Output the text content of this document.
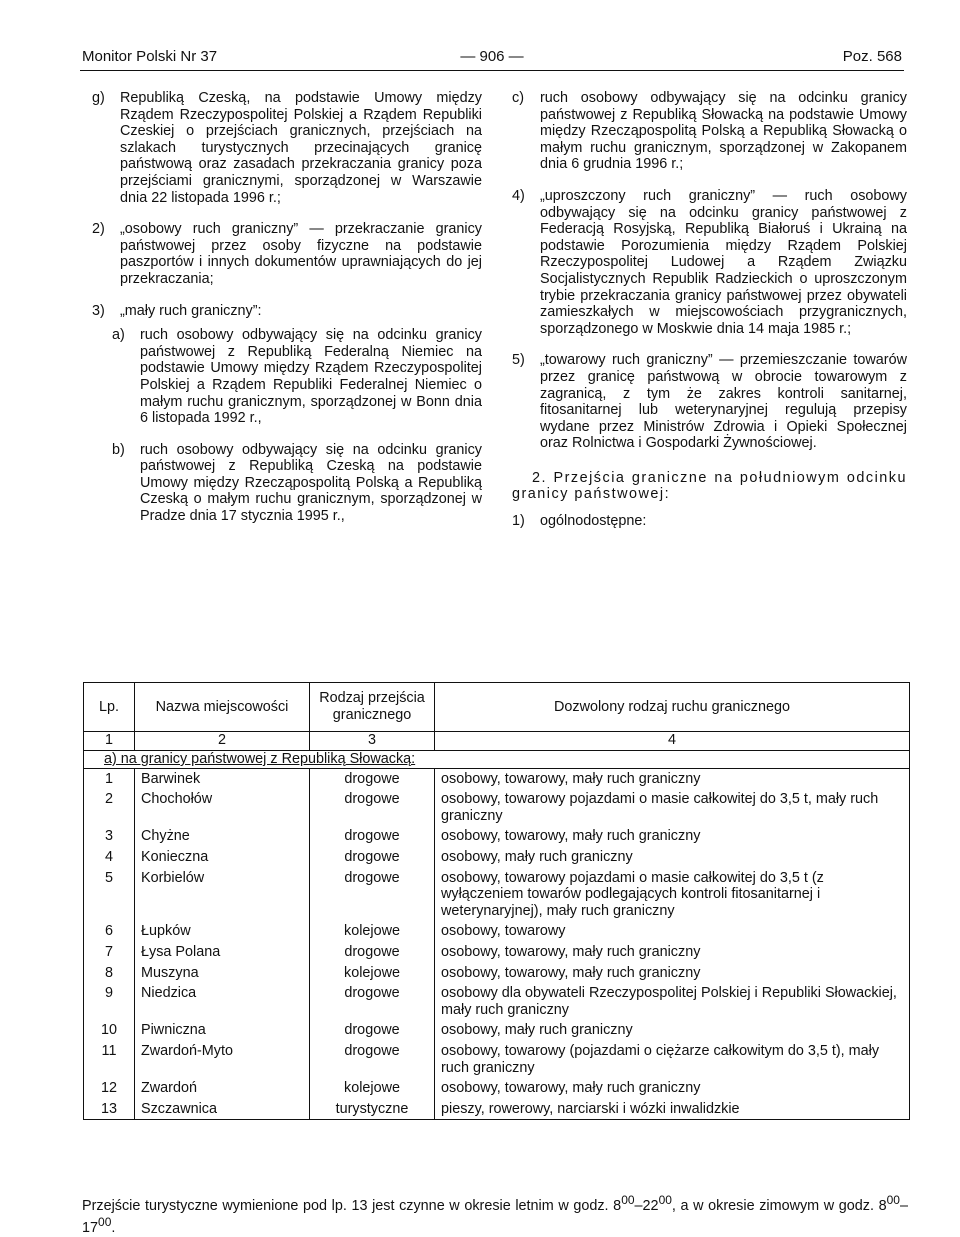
Monitor Polski Nr 37	— 906 —	Poz. 568
g) Republiką Czeską, na podstawie Umowy między Rządem Rzeczypospolitej Polskiej a Rządem Republiki Czeskiej o przejściach granicznych, przejściach na szlakach turystycznych przecinających granicę państwową oraz zasadach przekraczania granicy poza przejściami granicznymi, sporządzonej w Warszawie dnia 22 listopada 1996 r.;
2) „osobowy ruch graniczny” — przekraczanie granicy państwowej przez osoby fizyczne na podstawie paszportów i innych dokumentów uprawniających do jej przekraczania;
3) „mały ruch graniczny”:
a) ruch osobowy odbywający się na odcinku granicy państwowej z Republiką Federalną Niemiec na podstawie Umowy między Rządem Rzeczypospolitej Polskiej a Rządem Republiki Federalnej Niemiec o małym ruchu granicznym, sporządzonej w Bonn dnia 6 listopada 1992 r.,
b) ruch osobowy odbywający się na odcinku granicy państwowej z Republiką Czeską na podstawie Umowy między Rzecząpospolitą Polską a Republiką Czeską o małym ruchu granicznym, sporządzonej w Pradze dnia 17 stycznia 1995 r.,
c) ruch osobowy odbywający się na odcinku granicy państwowej z Republiką Słowacką na podstawie Umowy między Rzecząpospolitą Polską a Republiką Słowacką o małym ruchu granicznym, sporządzonej w Zakopanem dnia 6 grudnia 1996 r.;
4) „uproszczony ruch graniczny” — ruch osobowy odbywający się na odcinku granicy państwowej z Federacją Rosyjską, Republiką Białoruś i Ukrainą na podstawie Porozumienia między Rządem Polskiej Rzeczypospolitej Ludowej a Rządem Związku Socjalistycznych Republik Radzieckich o uproszczonym trybie przekraczania granicy państwowej przez obywateli zamieszkałych w miejscowościach przygranicznych, sporządzonego w Moskwie dnia 14 maja 1985 r.;
5) „towarowy ruch graniczny” — przemieszczanie towarów przez granicę państwową w obrocie towarowym z zagranicą, z tym że zakres kontroli sanitarnej, fitosanitarnej lub weterynaryjnej regulują przepisy wydane przez Ministrów Zdrowia i Opieki Społecznej oraz Rolnictwa i Gospodarki Żywnościowej.
2. Przejścia graniczne na południowym odcinku granicy państwowej:
1) ogólnodostępne:
Lp.	Nazwa miejscowości	Rodzaj przejścia granicznego	Dozwolony rodzaj ruchu granicznego
1	2	3	4
a) na granicy państwowej z Republiką Słowacką:			
1	Barwinek	drogowe	osobowy, towarowy, mały ruch graniczny
2	Chochołów	drogowe	osobowy, towarowy pojazdami o masie całkowitej do 3,5 t, mały ruch graniczny
3	Chyżne	drogowe	osobowy, towarowy, mały ruch graniczny
4	Konieczna	drogowe	osobowy, mały ruch graniczny
5	Korbielów	drogowe	osobowy, towarowy pojazdami o masie całkowitej do 3,5 t (z wyłączeniem towarów podlegających kontroli fitosanitarnej i weterynaryjnej), mały ruch graniczny
6	Łupków	kolejowe	osobowy, towarowy
7	Łysa Polana	drogowe	osobowy, towarowy, mały ruch graniczny
8	Muszyna	kolejowe	osobowy, towarowy, mały ruch graniczny
9	Niedzica	drogowe	osobowy dla obywateli Rzeczypospolitej Polskiej i Republiki Słowackiej, mały ruch graniczny
10	Piwniczna	drogowe	osobowy, mały ruch graniczny
11	Zwardoń-Myto	drogowe	osobowy, towarowy (pojazdami o ciężarze całkowitym do 3,5 t), mały ruch graniczny
12	Zwardoń	kolejowe	osobowy, towarowy, mały ruch graniczny
13	Szczawnica	turystyczne	pieszy, rowerowy, narciarski i wózki inwalidzkie
Przejście turystyczne wymienione pod lp. 13 jest czynne w okresie letnim w godz. $8^{00}-22^{00}$, a w okresie zimowym w godz. $8^{00}-17^{00}$.
